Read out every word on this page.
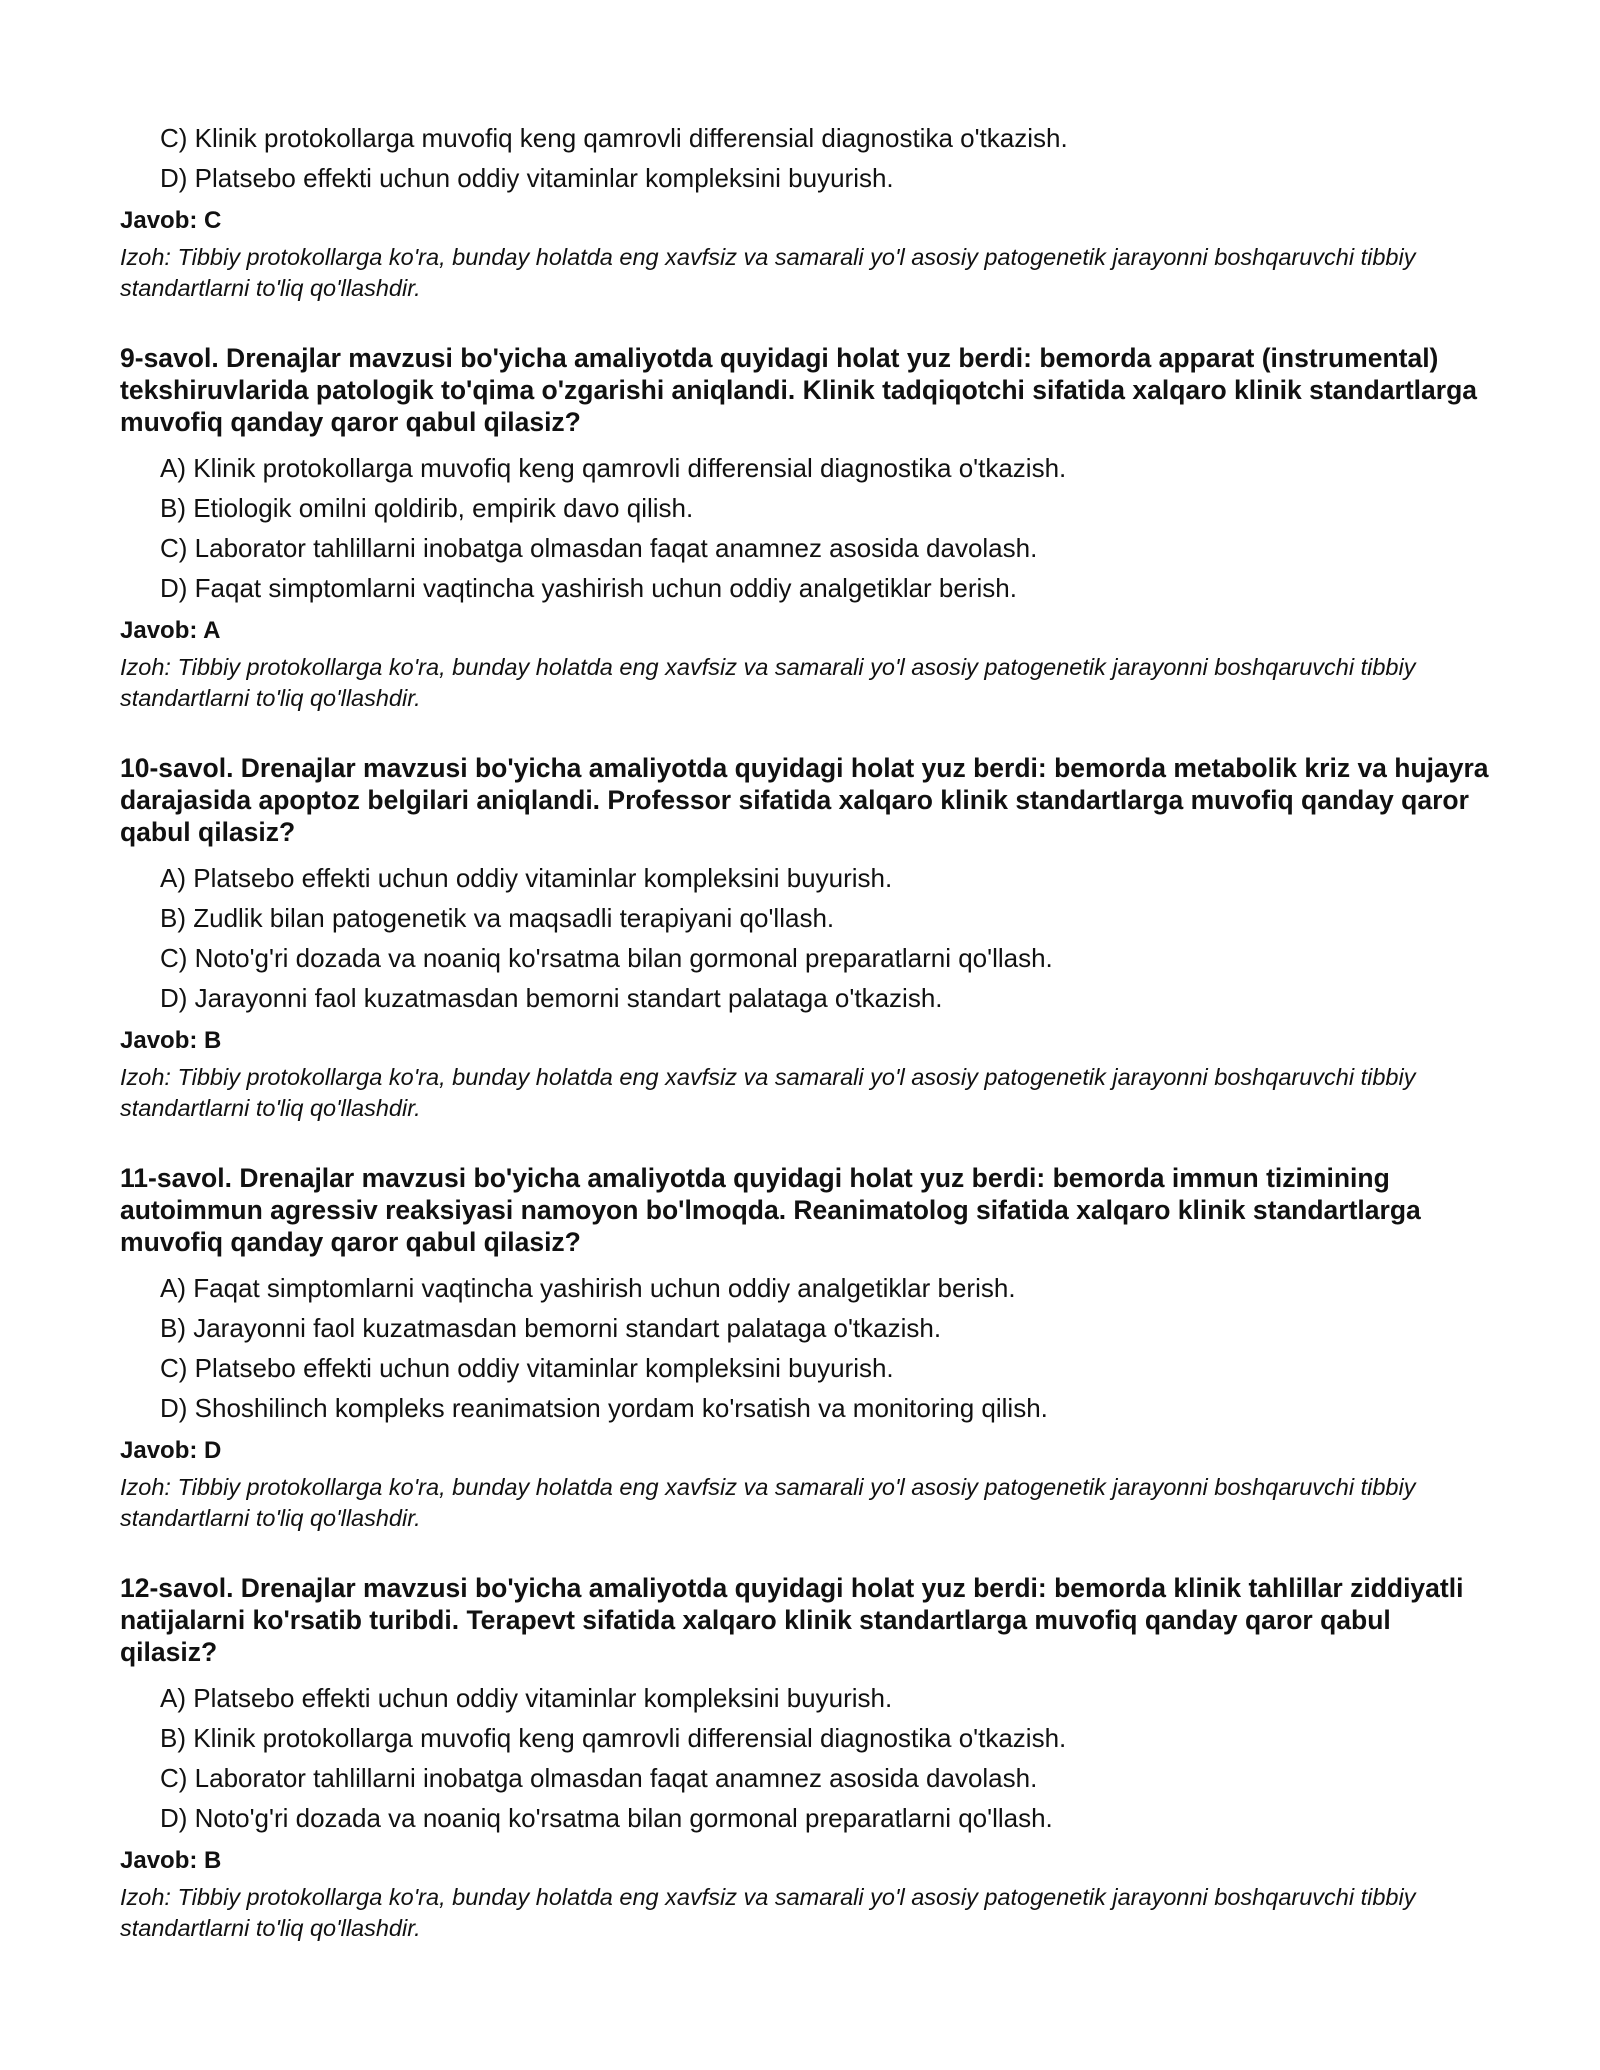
C) Klinik protokollarga muvofiq keng qamrovli differensial diagnostika o'tkazish.
D) Platsebo effekti uchun oddiy vitaminlar kompleksini buyurish.
Javob: C
Izoh: Tibbiy protokollarga ko'ra, bunday holatda eng xavfsiz va samarali yo'l asosiy patogenetik jarayonni boshqaruvchi tibbiy standartlarni to'liq qo'llashdir.
9-savol. Drenajlar mavzusi bo'yicha amaliyotda quyidagi holat yuz berdi: bemorda apparat (instrumental) tekshiruvlarida patologik to'qima o'zgarishi aniqlandi. Klinik tadqiqotchi sifatida xalqaro klinik standartlarga muvofiq qanday qaror qabul qilasiz?
A) Klinik protokollarga muvofiq keng qamrovli differensial diagnostika o'tkazish.
B) Etiologik omilni qoldirib, empirik davo qilish.
C) Laborator tahlillarni inobatga olmasdan faqat anamnez asosida davolash.
D) Faqat simptomlarni vaqtincha yashirish uchun oddiy analgetiklar berish.
Javob: A
Izoh: Tibbiy protokollarga ko'ra, bunday holatda eng xavfsiz va samarali yo'l asosiy patogenetik jarayonni boshqaruvchi tibbiy standartlarni to'liq qo'llashdir.
10-savol. Drenajlar mavzusi bo'yicha amaliyotda quyidagi holat yuz berdi: bemorda metabolik kriz va hujayra darajasida apoptoz belgilari aniqlandi. Professor sifatida xalqaro klinik standartlarga muvofiq qanday qaror qabul qilasiz?
A) Platsebo effekti uchun oddiy vitaminlar kompleksini buyurish.
B) Zudlik bilan patogenetik va maqsadli terapiyani qo'llash.
C) Noto'g'ri dozada va noaniq ko'rsatma bilan gormonal preparatlarni qo'llash.
D) Jarayonni faol kuzatmasdan bemorni standart palataga o'tkazish.
Javob: B
Izoh: Tibbiy protokollarga ko'ra, bunday holatda eng xavfsiz va samarali yo'l asosiy patogenetik jarayonni boshqaruvchi tibbiy standartlarni to'liq qo'llashdir.
11-savol. Drenajlar mavzusi bo'yicha amaliyotda quyidagi holat yuz berdi: bemorda immun tizimining autoimmun agressiv reaksiyasi namoyon bo'lmoqda. Reanimatolog sifatida xalqaro klinik standartlarga muvofiq qanday qaror qabul qilasiz?
A) Faqat simptomlarni vaqtincha yashirish uchun oddiy analgetiklar berish.
B) Jarayonni faol kuzatmasdan bemorni standart palataga o'tkazish.
C) Platsebo effekti uchun oddiy vitaminlar kompleksini buyurish.
D) Shoshilinch kompleks reanimatsion yordam ko'rsatish va monitoring qilish.
Javob: D
Izoh: Tibbiy protokollarga ko'ra, bunday holatda eng xavfsiz va samarali yo'l asosiy patogenetik jarayonni boshqaruvchi tibbiy standartlarni to'liq qo'llashdir.
12-savol. Drenajlar mavzusi bo'yicha amaliyotda quyidagi holat yuz berdi: bemorda klinik tahlillar ziddiyatli natijalarni ko'rsatib turibdi. Terapevt sifatida xalqaro klinik standartlarga muvofiq qanday qaror qabul qilasiz?
A) Platsebo effekti uchun oddiy vitaminlar kompleksini buyurish.
B) Klinik protokollarga muvofiq keng qamrovli differensial diagnostika o'tkazish.
C) Laborator tahlillarni inobatga olmasdan faqat anamnez asosida davolash.
D) Noto'g'ri dozada va noaniq ko'rsatma bilan gormonal preparatlarni qo'llash.
Javob: B
Izoh: Tibbiy protokollarga ko'ra, bunday holatda eng xavfsiz va samarali yo'l asosiy patogenetik jarayonni boshqaruvchi tibbiy standartlarni to'liq qo'llashdir.
